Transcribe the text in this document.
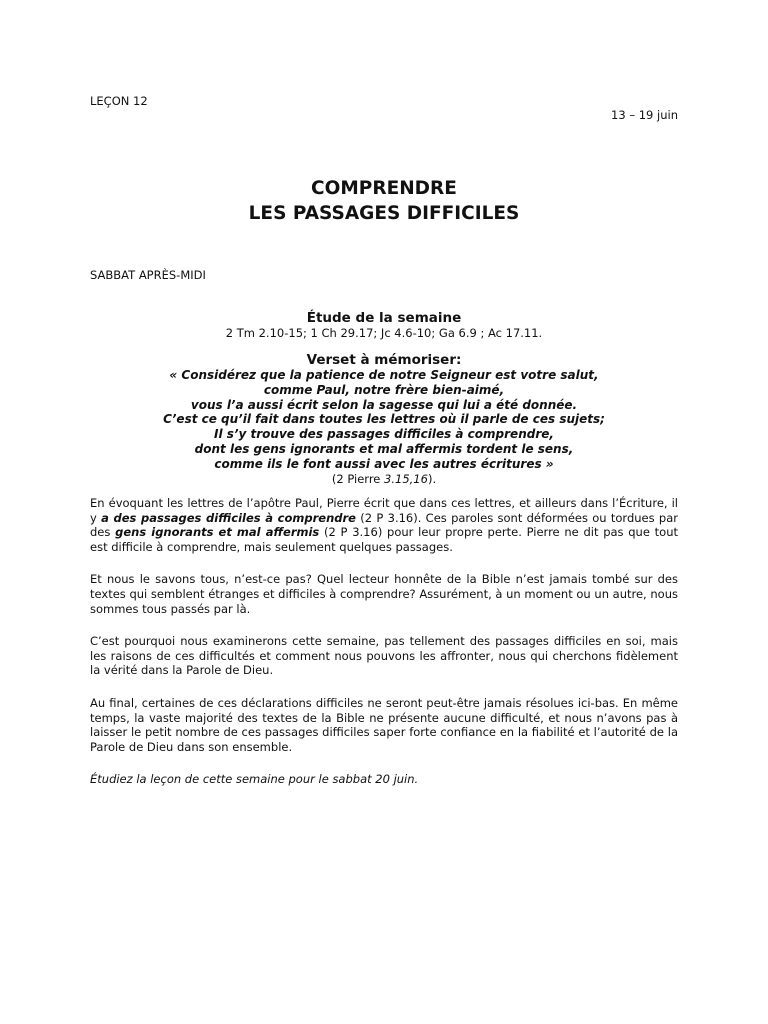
LEÇON 12
13 – 19 juin
COMPRENDRE
LES PASSAGES DIFFICILES
SABBAT APRÈS-MIDI
Étude de la semaine
2 Tm 2.10-15; 1 Ch 29.17; Jc 4.6-10; Ga 6.9 ; Ac 17.11.
Verset à mémoriser:
« Considérez que la patience de notre Seigneur est votre salut,
comme Paul, notre frère bien-aimé,
vous l’a aussi écrit selon la sagesse qui lui a été donnée.
C’est ce qu’il fait dans toutes les lettres où il parle de ces sujets;
Il s’y trouve des passages difficiles à comprendre,
dont les gens ignorants et mal affermis tordent le sens,
comme ils le font aussi avec les autres écritures »
(2 Pierre 3.15,16).

En évoquant les lettres de l’apôtre Paul, Pierre écrit que dans ces lettres, et ailleurs dans l’Écriture, il y a des passages difficiles à comprendre (2 P 3.16). Ces paroles sont déformées ou tordues par des gens ignorants et mal affermis (2 P 3.16) pour leur propre perte. Pierre ne dit pas que tout est difficile à comprendre, mais seulement quelques passages.

Et nous le savons tous, n’est-ce pas? Quel lecteur honnête de la Bible n’est jamais tombé sur des textes qui semblent étranges et difficiles à comprendre? Assurément, à un moment ou un autre, nous sommes tous passés par là.

C’est pourquoi nous examinerons cette semaine, pas tellement des passages difficiles en soi, mais les raisons de ces difficultés et comment nous pouvons les affronter, nous qui cherchons fidèlement la vérité dans la Parole de Dieu.

Au final, certaines de ces déclarations difficiles ne seront peut-être jamais résolues ici-bas. En même temps, la vaste majorité des textes de la Bible ne présente aucune difficulté, et nous n’avons pas à laisser le petit nombre de ces passages difficiles saper forte confiance en la fiabilité et l’autorité de la Parole de Dieu dans son ensemble.

Étudiez la leçon de cette semaine pour le sabbat 20 juin.
